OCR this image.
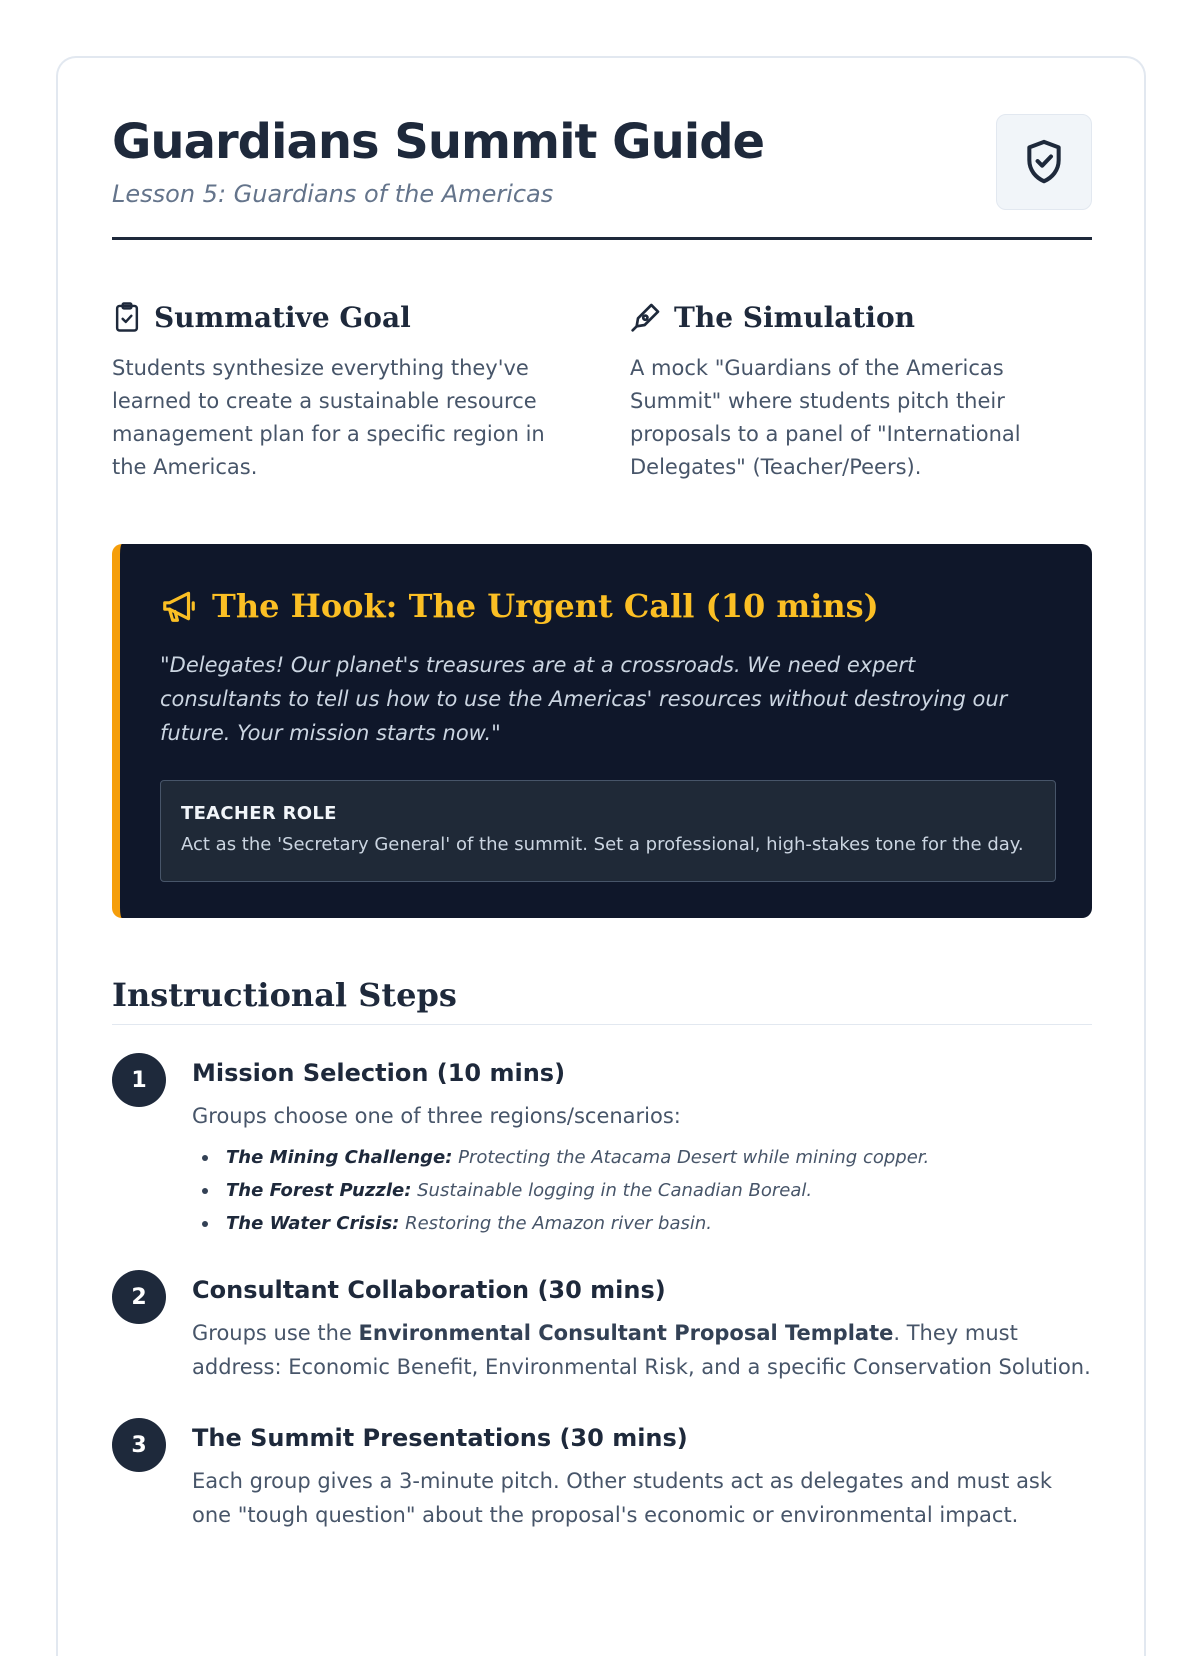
Guardians Summit Guide
Lesson 5: Guardians of the Americas
Summative Goal
Students synthesize everything they've learned to create a sustainable resource management plan for a specific region in the Americas.
The Simulation
A mock "Guardians of the Americas Summit" where students pitch their proposals to a panel of "International Delegates" (Teacher/Peers).
The Hook: The Urgent Call (10 mins)
"Delegates! Our planet's treasures are at a crossroads. We need expert consultants to tell us how to use the Americas' resources without destroying our future. Your mission starts now."
TEACHER ROLE
Act as the 'Secretary General' of the summit. Set a professional, high-stakes tone for the day.
Instructional Steps
1	Mission Selection (10 mins)
Groups choose one of three regions/scenarios:
The Mining Challenge: Protecting the Atacama Desert while mining copper.
The Forest Puzzle: Sustainable logging in the Canadian Boreal.
The Water Crisis: Restoring the Amazon river basin.
2	Consultant Collaboration (30 mins)
Groups use the Environmental Consultant Proposal Template. They must address: Economic Benefit, Environmental Risk, and a specific Conservation Solution.
3	The Summit Presentations (30 mins)
Each group gives a 3-minute pitch. Other students act as delegates and must ask one "tough question" about the proposal's economic or environmental impact.
